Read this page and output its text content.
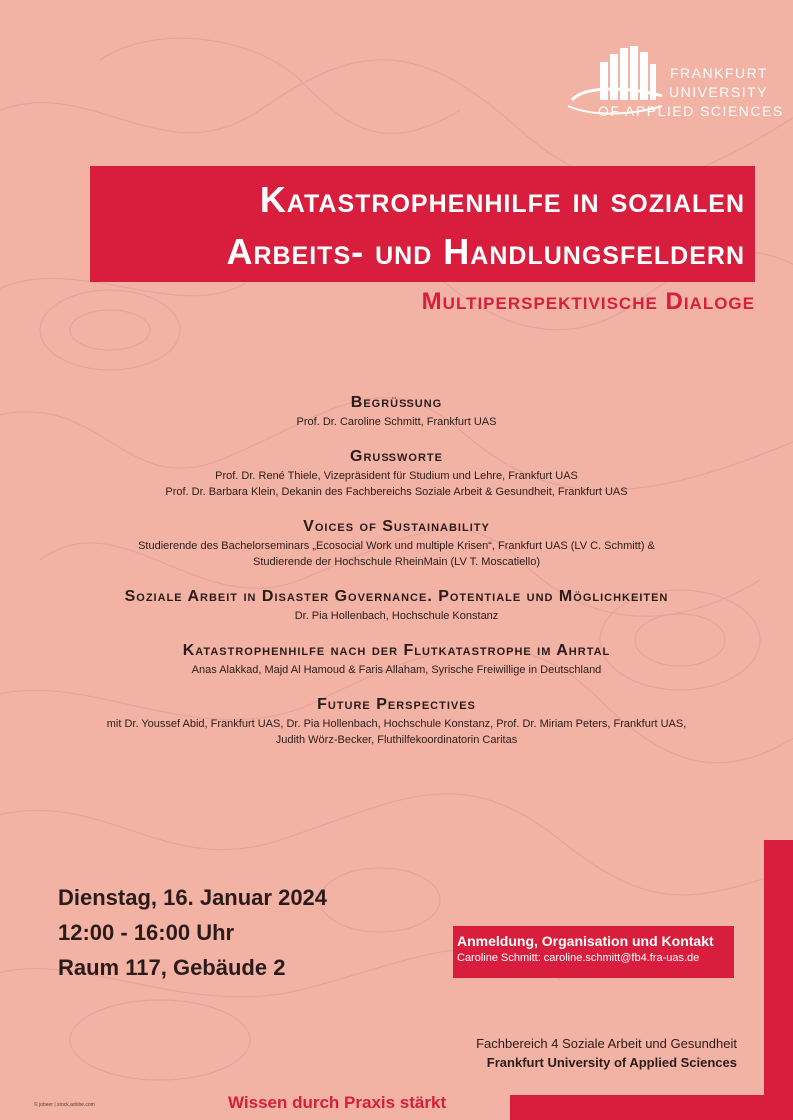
FRANKFURT
UNIVERSITY
OF APPLIED SCIENCES
Katastrophenhilfe in sozialen
Arbeits- und Handlungsfeldern
Multiperspektivische Dialoge
Begrüßung

Prof. Dr. Caroline Schmitt, Frankfurt UAS

Grußworte

Prof. Dr. René Thiele, Vizepräsident für Studium und Lehre, Frankfurt UAS

Prof. Dr. Barbara Klein, Dekanin des Fachbereichs Soziale Arbeit & Gesundheit, Frankfurt UAS

Voices of Sustainability

Studierende des Bachelorseminars „Ecosocial Work und multiple Krisen“, Frankfurt UAS (LV C. Schmitt) &

Studierende der Hochschule RheinMain (LV T. Moscatiello)

Soziale Arbeit in Disaster Governance. Potentiale und Möglichkeiten

Dr. Pia Hollenbach, Hochschule Konstanz

Katastrophenhilfe nach der Flutkatastrophe im Ahrtal

Anas Alakkad, Majd Al Hamoud & Faris Allaham, Syrische Freiwillige in Deutschland

Future Perspectives

mit Dr. Youssef Abid, Frankfurt UAS, Dr. Pia Hollenbach, Hochschule Konstanz, Prof. Dr. Miriam Peters, Frankfurt UAS,

Judith Wörz-Becker, Fluthilfekoordinatorin Caritas

Dienstag, 16. Januar 2024
12:00 - 16:00 Uhr
Raum 117, Gebäude 2
Anmeldung, Organisation und Kontakt
Caroline Schmitt: caroline.schmitt@fb4.fra-uas.de
Fachbereich 4 Soziale Arbeit und Gesundheit
Frankfurt University of Applied Sciences
Wissen durch Praxis stärkt
© jobeer | stock.adobe.com
